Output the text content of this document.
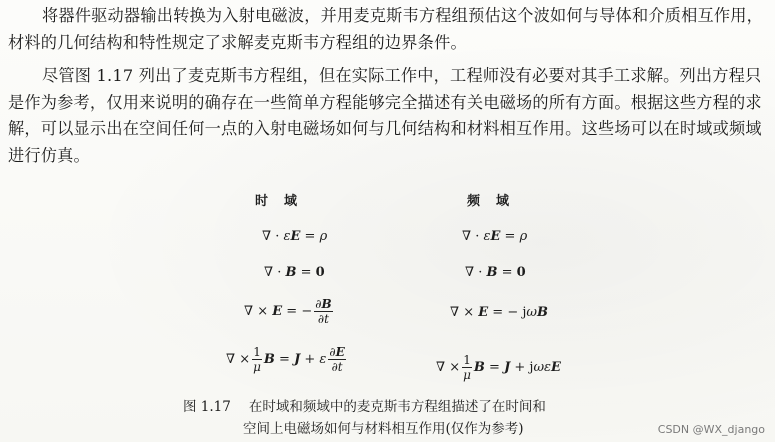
将器件驱动器输出转换为入射电磁波，并用麦克斯韦方程组预估这个波如何与导体和介质相互作用，材料的几何结构和特性规定了求解麦克斯韦方程组的边界条件。

尽管图 1.17 列出了麦克斯韦方程组，但在实际工作中，工程师没有必要对其手工求解。列出方程只是作为参考，仅用来说明的确存在一些简单方程能够完全描述有关电磁场的所有方面。根据这些方程的求解，可以显示出在空间任何一点的入射电磁场如何与几何结构和材料相互作用。这些场可以在时域或频域进行仿真。

时域	频域
∇ · ε E = ρ
∇ · B = 0
∇ × E = − $\frac{\partial B}{\partial t}$
∇ × $\frac{1}{\mu}$ B = J + ε $\frac{\partial E}{\partial t}$
∇ · ε E = ρ
∇ · B = 0
∇ × E = − j ω B
∇ × $\frac{1}{\mu}$ B = J + j ωε E

图 1.17 在时域和频域中的麦克斯韦方程组描述了在时间和

空间上电磁场如何与材料相互作用(仅作为参考)	CSDN @WX_django
